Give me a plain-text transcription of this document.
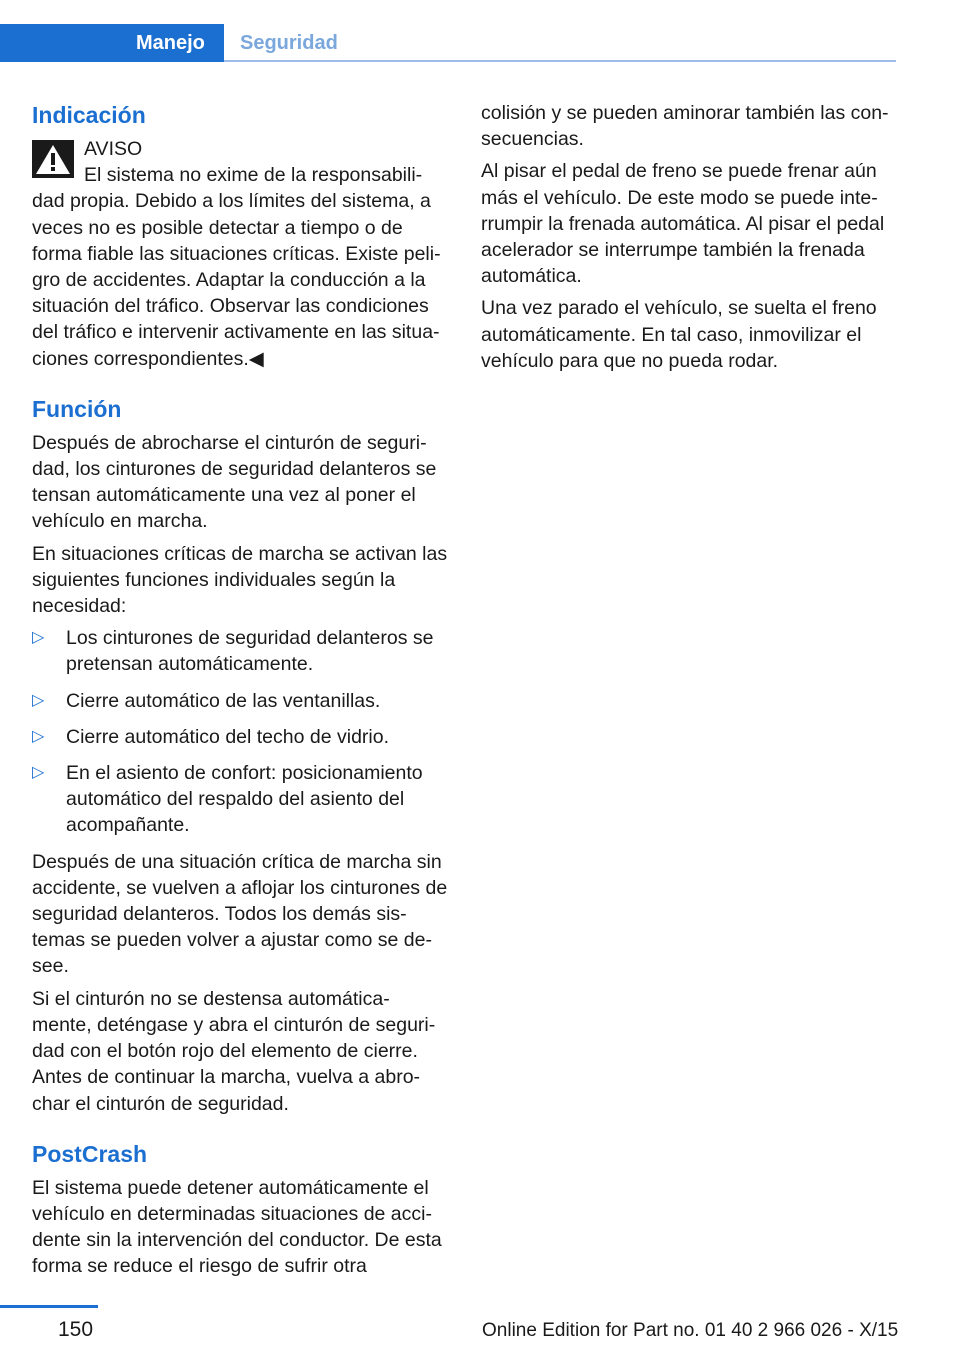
Manejo	Seguridad
Indicación

AVISO

El sistema no exime de la responsabili-dad propia. Debido a los límites del sistema, a veces no es posible detectar a tiempo o de forma fiable las situaciones críticas. Existe peli-gro de accidentes. Adaptar la conducción a la situación del tráfico. Observar las condiciones del tráfico e intervenir activamente en las situa-ciones correspondientes.◀

Función

Después de abrocharse el cinturón de seguri-dad, los cinturones de seguridad delanteros se tensan automáticamente una vez al poner el vehículo en marcha.

En situaciones críticas de marcha se activan las siguientes funciones individuales según la necesidad:

▷ Los cinturones de seguridad delanteros se pretensan automáticamente.
▷ Cierre automático de las ventanillas.
▷ Cierre automático del techo de vidrio.
▷ En el asiento de confort: posicionamiento automático del respaldo del asiento del acompañante.

Después de una situación crítica de marcha sin accidente, se vuelven a aflojar los cinturones de seguridad delanteros. Todos los demás sis-temas se pueden volver a ajustar como se de-see.

Si el cinturón no se destensa automática-mente, deténgase y abra el cinturón de seguri-dad con el botón rojo del elemento de cierre. Antes de continuar la marcha, vuelva a abro-char el cinturón de seguridad.

PostCrash

El sistema puede detener automáticamente el vehículo en determinadas situaciones de acci-dente sin la intervención del conductor. De esta forma se reduce el riesgo de sufrir otra

colisión y se pueden aminorar también las con-secuencias.

Al pisar el pedal de freno se puede frenar aún más el vehículo. De este modo se puede inte-rrumpir la frenada automática. Al pisar el pedal acelerador se interrumpe también la frenada automática.

Una vez parado el vehículo, se suelta el freno automáticamente. En tal caso, inmovilizar el vehículo para que no pueda rodar.

150	Online Edition for Part no. 01 40 2 966 026 - X/15
